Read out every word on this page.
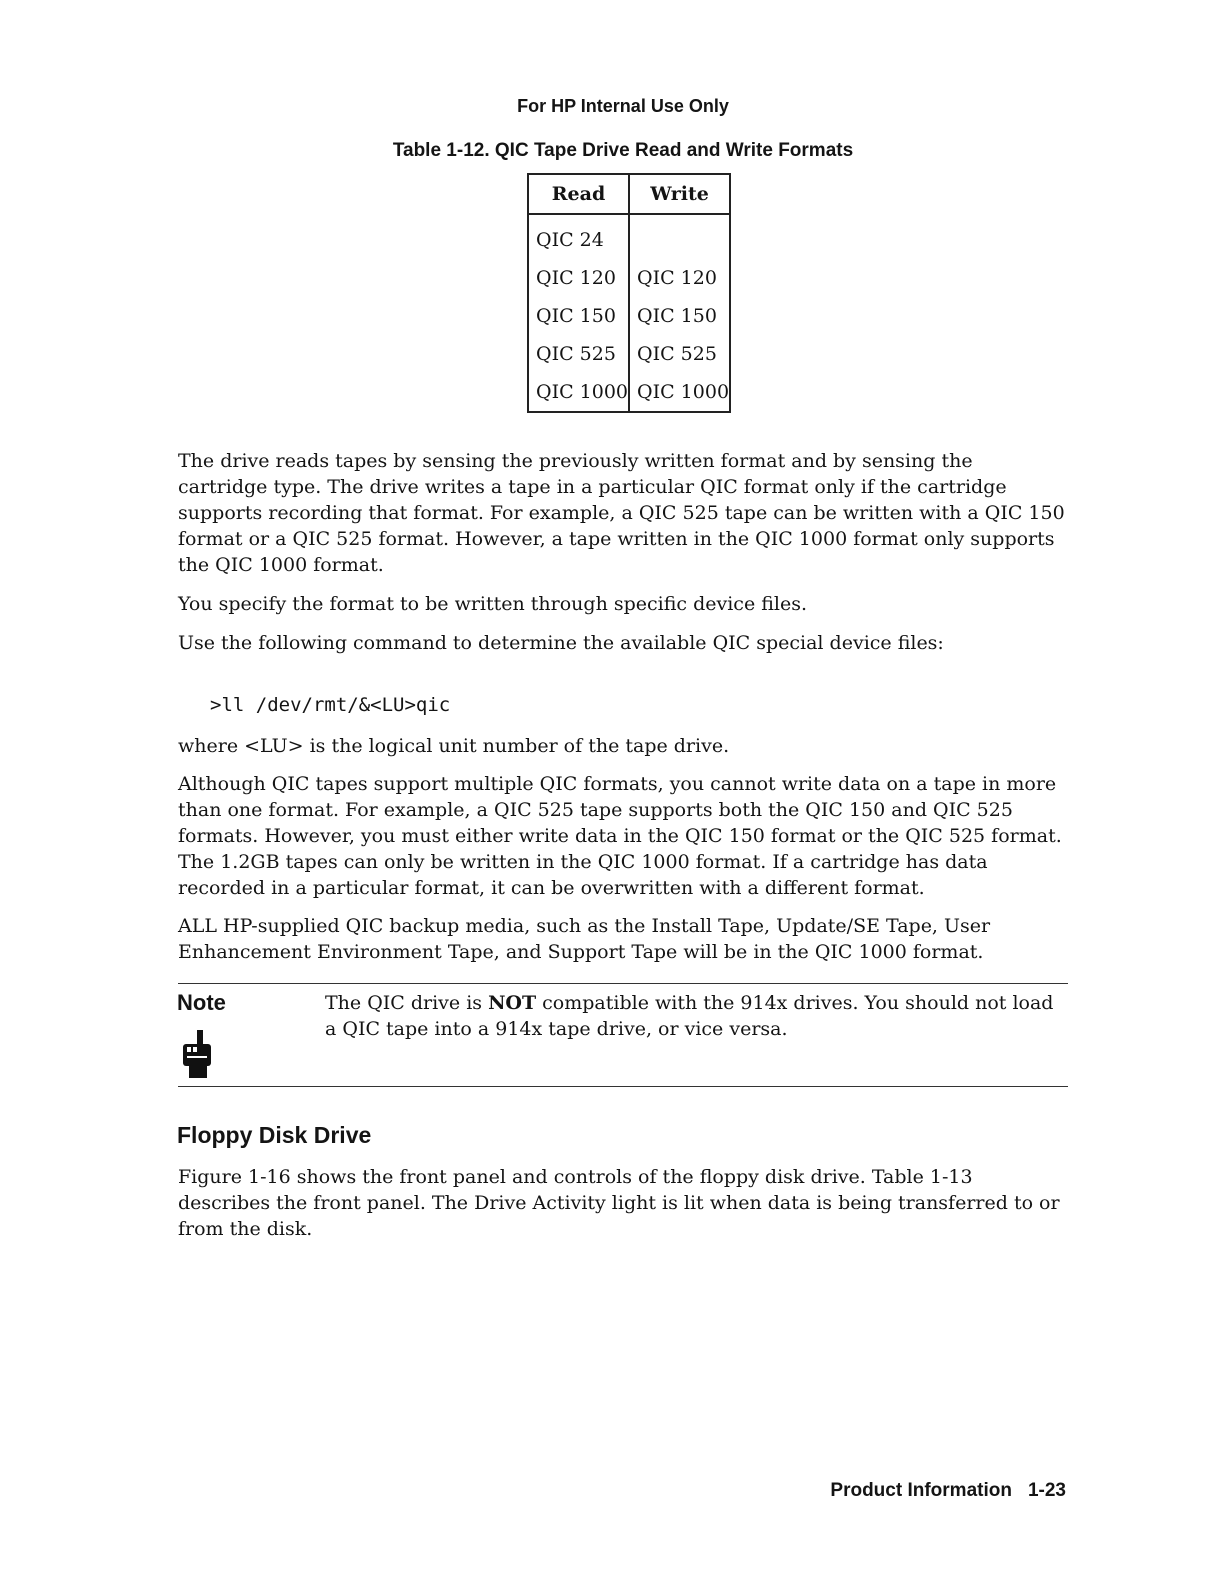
For HP Internal Use Only
Table 1-12. QIC Tape Drive Read and Write Formats
Read	Write
QIC 24	
QIC 120	QIC 120
QIC 150	QIC 150
QIC 525	QIC 525
QIC 1000	QIC 1000

The drive reads tapes by sensing the previously written format and by sensing the cartridge type. The drive writes a tape in a particular QIC format only if the cartridge supports recording that format. For example, a QIC 525 tape can be written with a QIC 150 format or a QIC 525 format. However, a tape written in the QIC 1000 format only supports the QIC 1000 format.

You specify the format to be written through specific device files.

Use the following command to determine the available QIC special device files:

>ll /dev/rmt/&<LU>qic

where <LU> is the logical unit number of the tape drive.

Although QIC tapes support multiple QIC formats, you cannot write data on a tape in more than one format. For example, a QIC 525 tape supports both the QIC 150 and QIC 525 formats. However, you must either write data in the QIC 150 format or the QIC 525 format. The 1.2GB tapes can only be written in the QIC 1000 format. If a cartridge has data recorded in a particular format, it can be overwritten with a different format.

ALL HP-supplied QIC backup media, such as the Install Tape, Update/SE Tape, User Enhancement Environment Tape, and Support Tape will be in the QIC 1000 format.

Note	The QIC drive is NOT compatible with the 914x drives. You should not load a QIC tape into a 914x tape drive, or vice versa.

Floppy Disk Drive

Figure 1-16 shows the front panel and controls of the floppy disk drive. Table 1-13 describes the front panel. The Drive Activity light is lit when data is being transferred to or from the disk.

Product Information 1-23
